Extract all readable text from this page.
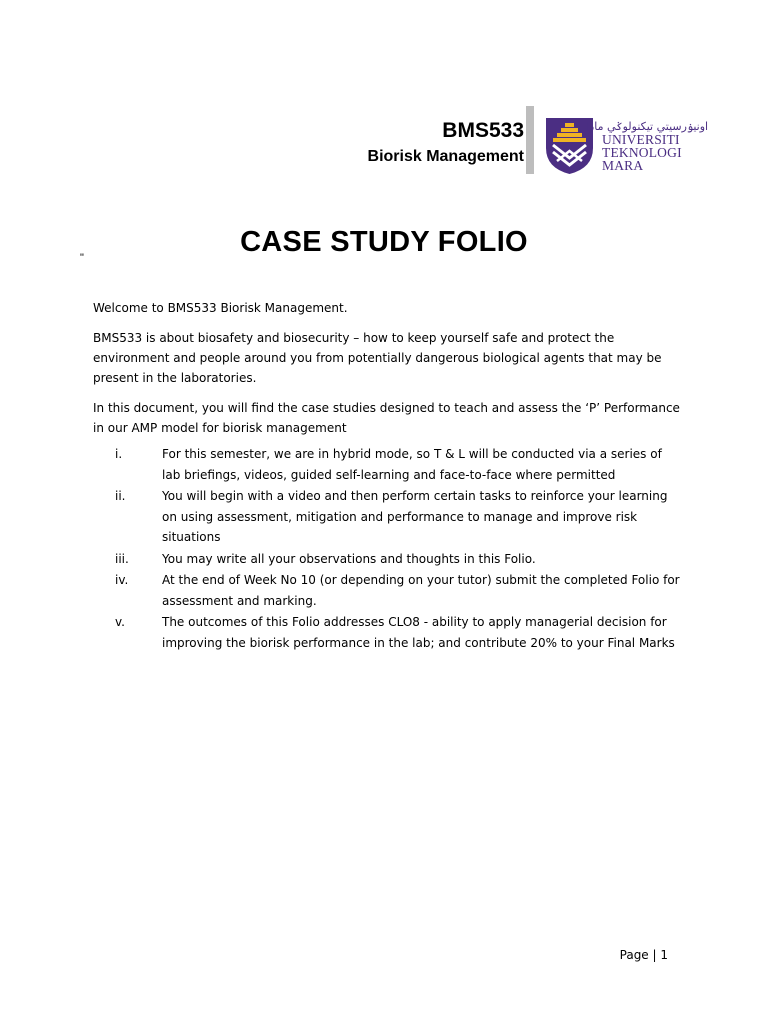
BMS533
Biorisk Management
اونيۏرسيتي تيكنولوݢي مارا
UNIVERSITI
TEKNOLOGI
MARA
CASE STUDY FOLIO
"

Welcome to BMS533 Biorisk Management.

BMS533 is about biosafety and biosecurity – how to keep yourself safe and protect the environment and people around you from potentially dangerous biological agents that may be present in the laboratories.

In this document, you will find the case studies designed to teach and assess the ‘P’ Performance in our AMP model for biorisk management

i.	For this semester, we are in hybrid mode, so T & L will be conducted via a series of lab briefings, videos, guided self-learning and face-to-face where permitted
ii.	You will begin with a video and then perform certain tasks to reinforce your learning on using assessment, mitigation and performance to manage and improve risk situations
iii.	You may write all your observations and thoughts in this Folio.
iv.	At the end of Week No 10 (or depending on your tutor) submit the completed Folio for assessment and marking.
v.	The outcomes of this Folio addresses CLO8 - ability to apply managerial decision for improving the biorisk performance in the lab; and contribute 20% to your Final Marks
Page | 1
